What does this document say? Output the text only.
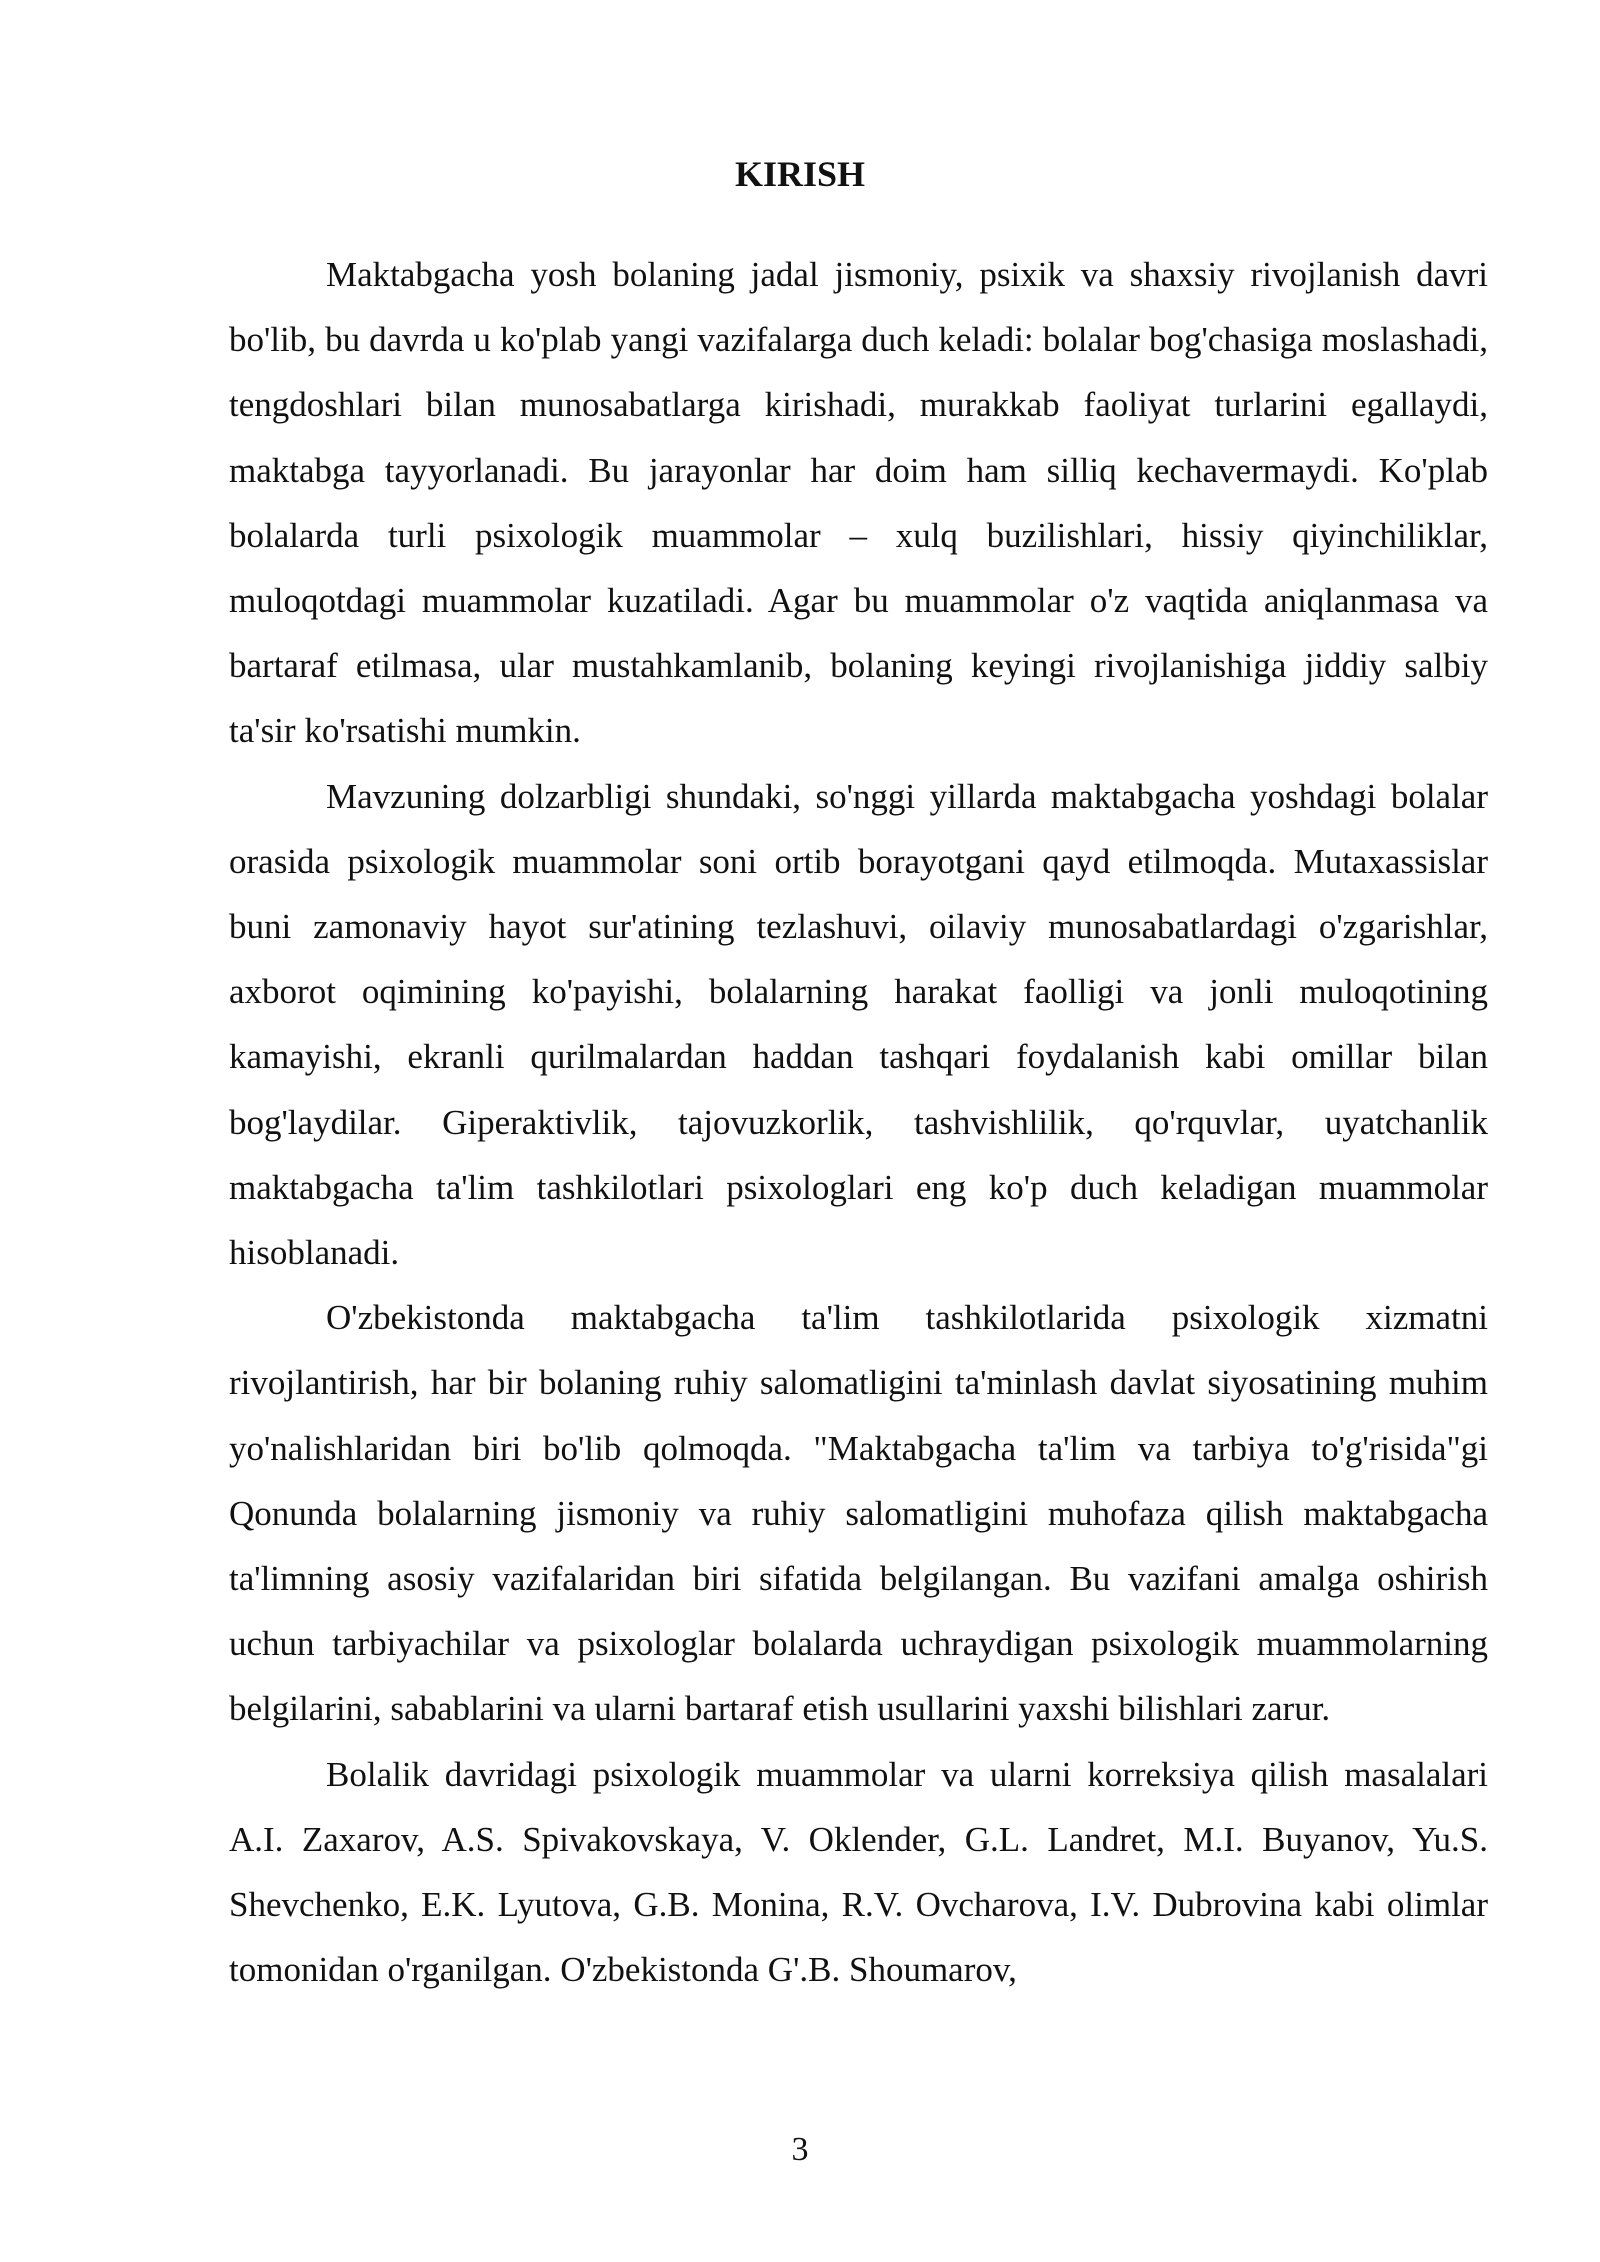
KIRISH

Maktabgacha yosh bolaning jadal jismoniy, psixik va shaxsiy rivojlanish davri bo'lib, bu davrda u ko'plab yangi vazifalarga duch keladi: bolalar bog'chasiga moslashadi, tengdoshlari bilan munosabatlarga kirishadi, murakkab faoliyat turlarini egallaydi, maktabga tayyorlanadi. Bu jarayonlar har doim ham silliq kechavermaydi. Ko'plab bolalarda turli psixologik muammolar – xulq buzilishlari, hissiy qiyinchiliklar, muloqotdagi muammolar kuzatiladi. Agar bu muammolar o'z vaqtida aniqlanmasa va bartaraf etilmasa, ular mustahkamlanib, bolaning keyingi rivojlanishiga jiddiy salbiy ta'sir ko'rsatishi mumkin.

Mavzuning dolzarbligi shundaki, so'nggi yillarda maktabgacha yoshdagi bolalar orasida psixologik muammolar soni ortib borayotgani qayd etilmoqda. Mutaxassislar buni zamonaviy hayot sur'atining tezlashuvi, oilaviy munosabatlardagi o'zgarishlar, axborot oqimining ko'payishi, bolalarning harakat faolligi va jonli muloqotining kamayishi, ekranli qurilmalardan haddan tashqari foydalanish kabi omillar bilan bog'laydilar. Giperaktivlik, tajovuzkorlik, tashvishlilik, qo'rquvlar, uyatchanlik maktabgacha ta'lim tashkilotlari psixologlari eng ko'p duch keladigan muammolar hisoblanadi.

O'zbekistonda maktabgacha ta'lim tashkilotlarida psixologik xizmatni rivojlantirish, har bir bolaning ruhiy salomatligini ta'minlash davlat siyosatining muhim yo'nalishlaridan biri bo'lib qolmoqda. "Maktabgacha ta'lim va tarbiya to'g'risida"gi Qonunda bolalarning jismoniy va ruhiy salomatligini muhofaza qilish maktabgacha ta'limning asosiy vazifalaridan biri sifatida belgilangan. Bu vazifani amalga oshirish uchun tarbiyachilar va psixologlar bolalarda uchraydigan psixologik muammolarning belgilarini, sabablarini va ularni bartaraf etish usullarini yaxshi bilishlari zarur.

Bolalik davridagi psixologik muammolar va ularni korreksiya qilish masalalari A.I. Zaxarov, A.S. Spivakovskaya, V. Oklender, G.L. Landret, M.I. Buyanov, Yu.S. Shevchenko, E.K. Lyutova, G.B. Monina, R.V. Ovcharova, I.V. Dubrovina kabi olimlar tomonidan o'rganilgan. O'zbekistonda G'.B. Shoumarov,

3
